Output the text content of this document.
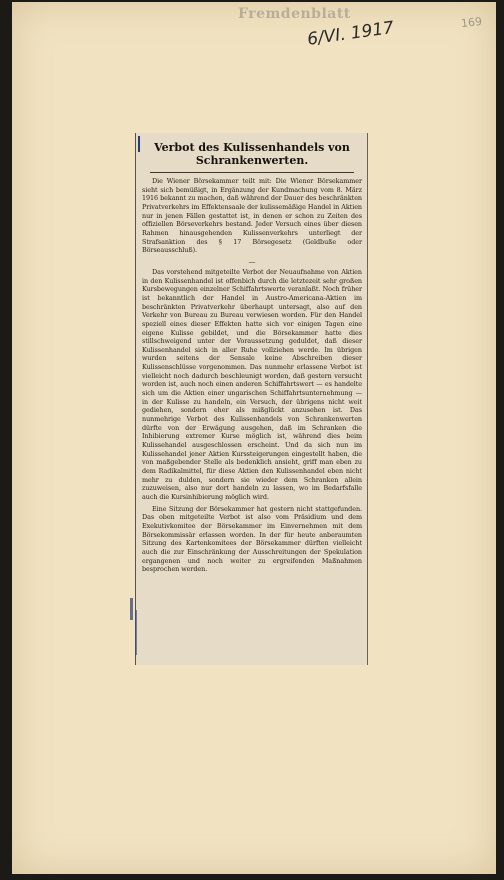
Fremdenblatt
6/VI. 1917	169
Verbot des Kulissenhandels von
Schrankenwerten.

Die Wiener Börsekammer teilt mit: Die Wiener Börsekammer sieht sich bemüßigt, in Ergänzung der Kundmachung vom 8. März 1916 bekannt zu machen, daß während der Dauer des beschränkten Privatverkehrs im Effektensaale der kulissemäßige Handel in Aktien nur in jenen Fällen gestattet ist, in denen er schon zu Zeiten des offiziellen Börseverkehrs bestand. Jeder Versuch eines über diesen Rahmen hinausgehenden Kulissenverkehrs unterliegt der Strafsanktion des § 17 Börsegesetz (Geldbuße oder Börseausschluß).

—

Das vorstehend mitgeteilte Verbot der Neuaufnahme von Aktien in den Kulissenhandel ist offenbich durch die letztezeit sehr großen Kursbewegungen einzelner Schiffahrtswerte veranlaßt. Noch früher ist bekanntlich der Handel in Austro-Americana-Aktien im beschränkten Privatverkehr überhaupt untersagt, also auf den Verkehr von Bureau zu Bureau verwiesen worden. Für den Handel speziell eines dieser Effekten hatte sich vor einigen Tagen eine eigene Kulisse gebildet, und die Börsekammer hatte dies stillschweigend unter der Voraussetzung geduldet, daß dieser Kulissenhandel sich in aller Ruhe vollziehen werde. Im übrigen wurden seitens der Sensale keine Abschreiben dieser Kulissenschlüsse vorgenommen. Das nunmehr erlassene Verbot ist vielleicht noch dadurch beschleunigt worden, daß gestern versucht worden ist, auch noch einen anderen Schiffahrtswert — es handelte sich um die Aktien einer ungarischen Schiffahrtsunternehmung — in der Kulisse zu handeln, ein Versuch, der übrigens nicht weit gediehen, sondern eher als mißglückt anzusehen ist. Das nunmehrige Verbot des Kulissenhandels von Schrankenwerten dürfte von der Erwägung ausgehen, daß im Schranken die Inhibierung extremer Kurse möglich ist, während dies beim Kulissehandel ausgeschlossen erscheint. Und da sich nun im Kulissehandel jener Aktien Kurssteigerungen eingestellt haben, die von maßgebender Stelle als bedenklich ansieht, griff man eben zu dem Radikalmittel, für diese Aktien den Kulissenhandel eben nicht mehr zu dulden, sondern sie wieder dem Schranken allein zuzuweisen, also nur dort handeln zu lassen, wo im Bedarfsfalle auch die Kursinhibierung möglich wird.

Eine Sitzung der Börsekammer hat gestern nicht stattgefunden. Das oben mitgeteilte Verbot ist also vom Präsidium und dem Exekutivkomitee der Börsekammer im Einvernehmen mit dem Börsekommissär erlassen worden. In der für heute anberaumten Sitzung des Kartenkomitees der Börsekammer dürften vielleicht auch die zur Einschränkung der Ausschreitungen der Spekulation ergangenen und noch weiter zu ergreifenden Maßnahmen besprochen werden.
